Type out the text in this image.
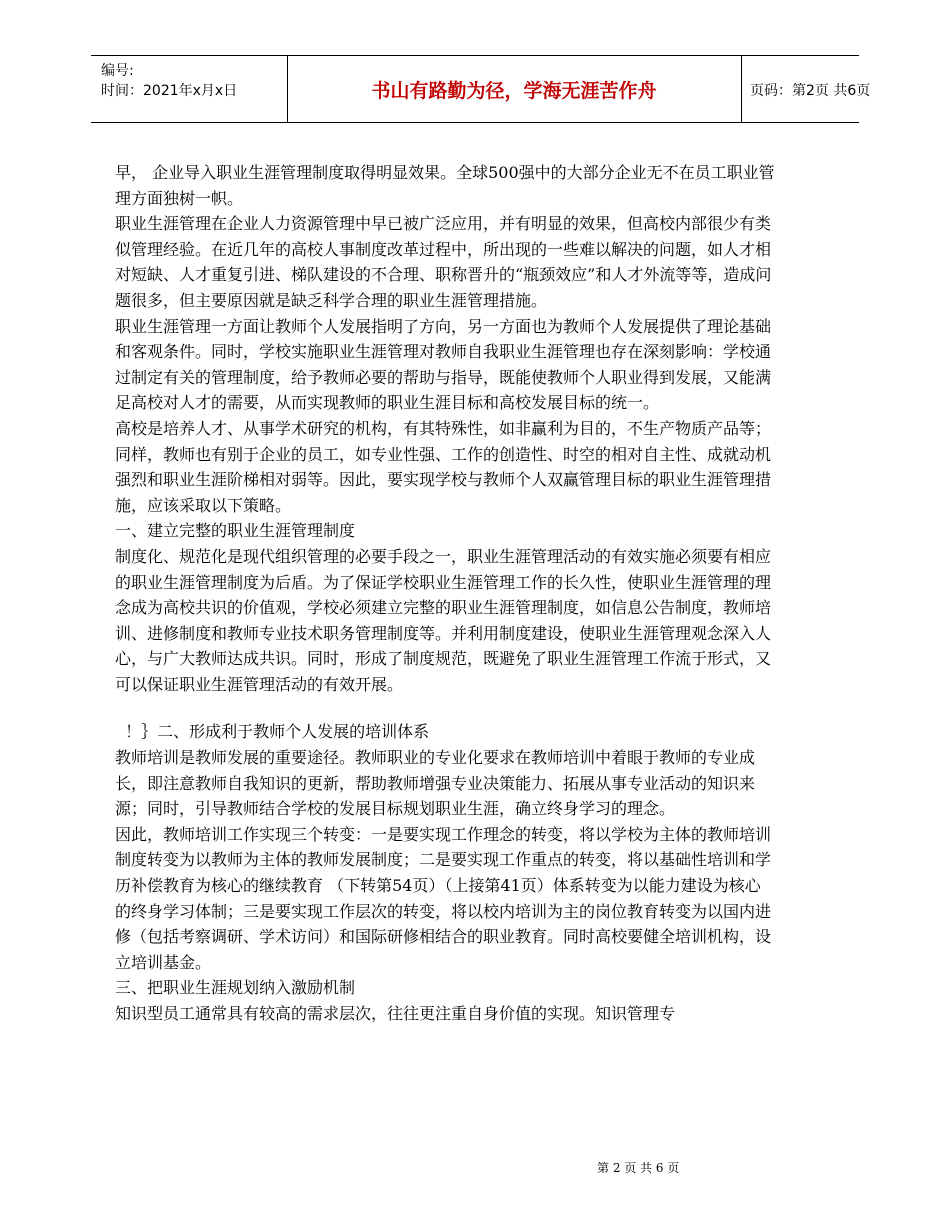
编号:
时间：2021年x月x日	书山有路勤为径，学海无涯苦作舟	页码：第2页 共6页

早， 企业导入职业生涯管理制度取得明显效果。全球500强中的大部分企业无不在员工职业管理方面独树一帜。

职业生涯管理在企业人力资源管理中早已被广泛应用，并有明显的效果，但高校内部很少有类似管理经验。在近几年的高校人事制度改革过程中，所出现的一些难以解决的问题，如人才相对短缺、人才重复引进、梯队建设的不合理、职称晋升的“瓶颈效应”和人才外流等等，造成问题很多，但主要原因就是缺乏科学合理的职业生涯管理措施。

职业生涯管理一方面让教师个人发展指明了方向，另一方面也为教师个人发展提供了理论基础和客观条件。同时，学校实施职业生涯管理对教师自我职业生涯管理也存在深刻影响：学校通过制定有关的管理制度，给予教师必要的帮助与指导，既能使教师个人职业得到发展，又能满足高校对人才的需要，从而实现教师的职业生涯目标和高校发展目标的统一。

高校是培养人才、从事学术研究的机构，有其特殊性，如非赢利为目的，不生产物质产品等；同样，教师也有别于企业的员工，如专业性强、工作的创造性、时空的相对自主性、成就动机强烈和职业生涯阶梯相对弱等。因此，要实现学校与教师个人双赢管理目标的职业生涯管理措施，应该采取以下策略。

一、建立完整的职业生涯管理制度

制度化、规范化是现代组织管理的必要手段之一，职业生涯管理活动的有效实施必须要有相应的职业生涯管理制度为后盾。为了保证学校职业生涯管理工作的长久性，使职业生涯管理的理念成为高校共识的价值观，学校必须建立完整的职业生涯管理制度，如信息公告制度，教师培训、进修制度和教师专业技术职务管理制度等。并利用制度建设，使职业生涯管理观念深入人心，与广大教师达成共识。同时，形成了制度规范，既避免了职业生涯管理工作流于形式，又可以保证职业生涯管理活动的有效开展。

！｝二、形成利于教师个人发展的培训体系

教师培训是教师发展的重要途径。教师职业的专业化要求在教师培训中着眼于教师的专业成长，即注意教师自我知识的更新，帮助教师增强专业决策能力、拓展从事专业活动的知识来源；同时，引导教师结合学校的发展目标规划职业生涯，确立终身学习的理念。

因此，教师培训工作实现三个转变：一是要实现工作理念的转变，将以学校为主体的教师培训制度转变为以教师为主体的教师发展制度；二是要实现工作重点的转变，将以基础性培训和学历补偿教育为核心的继续教育 （下转第54页）（上接第41页）体系转变为以能力建设为核心的终身学习体制；三是要实现工作层次的转变，将以校内培训为主的岗位教育转变为以国内进修（包括考察调研、学术访问）和国际研修相结合的职业教育。同时高校要健全培训机构，设立培训基金。

三、把职业生涯规划纳入激励机制

知识型员工通常具有较高的需求层次，往往更注重自身价值的实现。知识管理专

第 2 页 共 6 页
